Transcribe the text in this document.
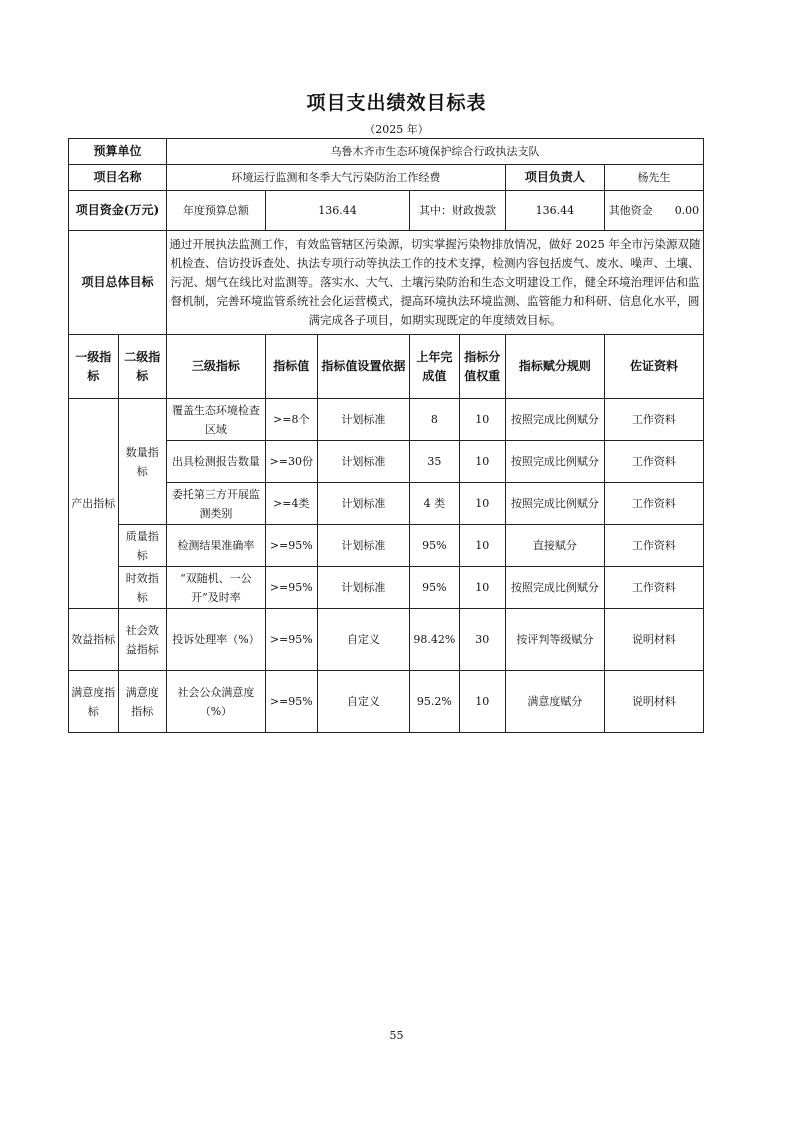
项目支出绩效目标表
（2025 年）
预算单位		乌鲁木齐市生态环境保护综合行政执法支队						
项目名称		环境运行监测和冬季大气污染防治工作经费					项目负责人	杨先生
项目资金(万元)		年度预算总额	136.44		其中：财政拨款		136.44	其他资金 0.00
项目总体目标		通过开展执法监测工作，有效监管辖区污染源，切实掌握污染物排放情况，做好 2025 年全市污染源双随机检查、信访投诉查处、执法专项行动等执法工作的技术支撑，检测内容包括废气、废水、噪声、土壤、污泥、烟气在线比对监测等。落实水、大气、土壤污染防治和生态文明建设工作，健全环境治理评估和监督机制，完善环境监管系统社会化运营模式，提高环境执法环境监测、监管能力和科研、信息化水平，圆满完成各子项目，如期实现既定的年度绩效目标。						
一级指标	二级指标	三级指标	指标值	指标值设置依据	上年完成值	指标分值权重	指标赋分规则	佐证资料
产出指标	数量指标	覆盖生态环境检查区域	>=8个	计划标准	8	10	按照完成比例赋分	工作资料
		出具检测报告数量	>=30份	计划标准	35	10	按照完成比例赋分	工作资料
		委托第三方开展监测类别	>=4类	计划标准	4 类	10	按照完成比例赋分	工作资料
	质量指标	检测结果准确率	>=95%	计划标准	95%	10	直接赋分	工作资料
	时效指标	“双随机、一公开”及时率	>=95%	计划标准	95%	10	按照完成比例赋分	工作资料
效益指标	社会效益指标	投诉处理率（%）	>=95%	自定义	98.42%	30	按评判等级赋分	说明材料
满意度指标	满意度指标	社会公众满意度（%）	>=95%	自定义	95.2%	10	满意度赋分	说明材料
55
